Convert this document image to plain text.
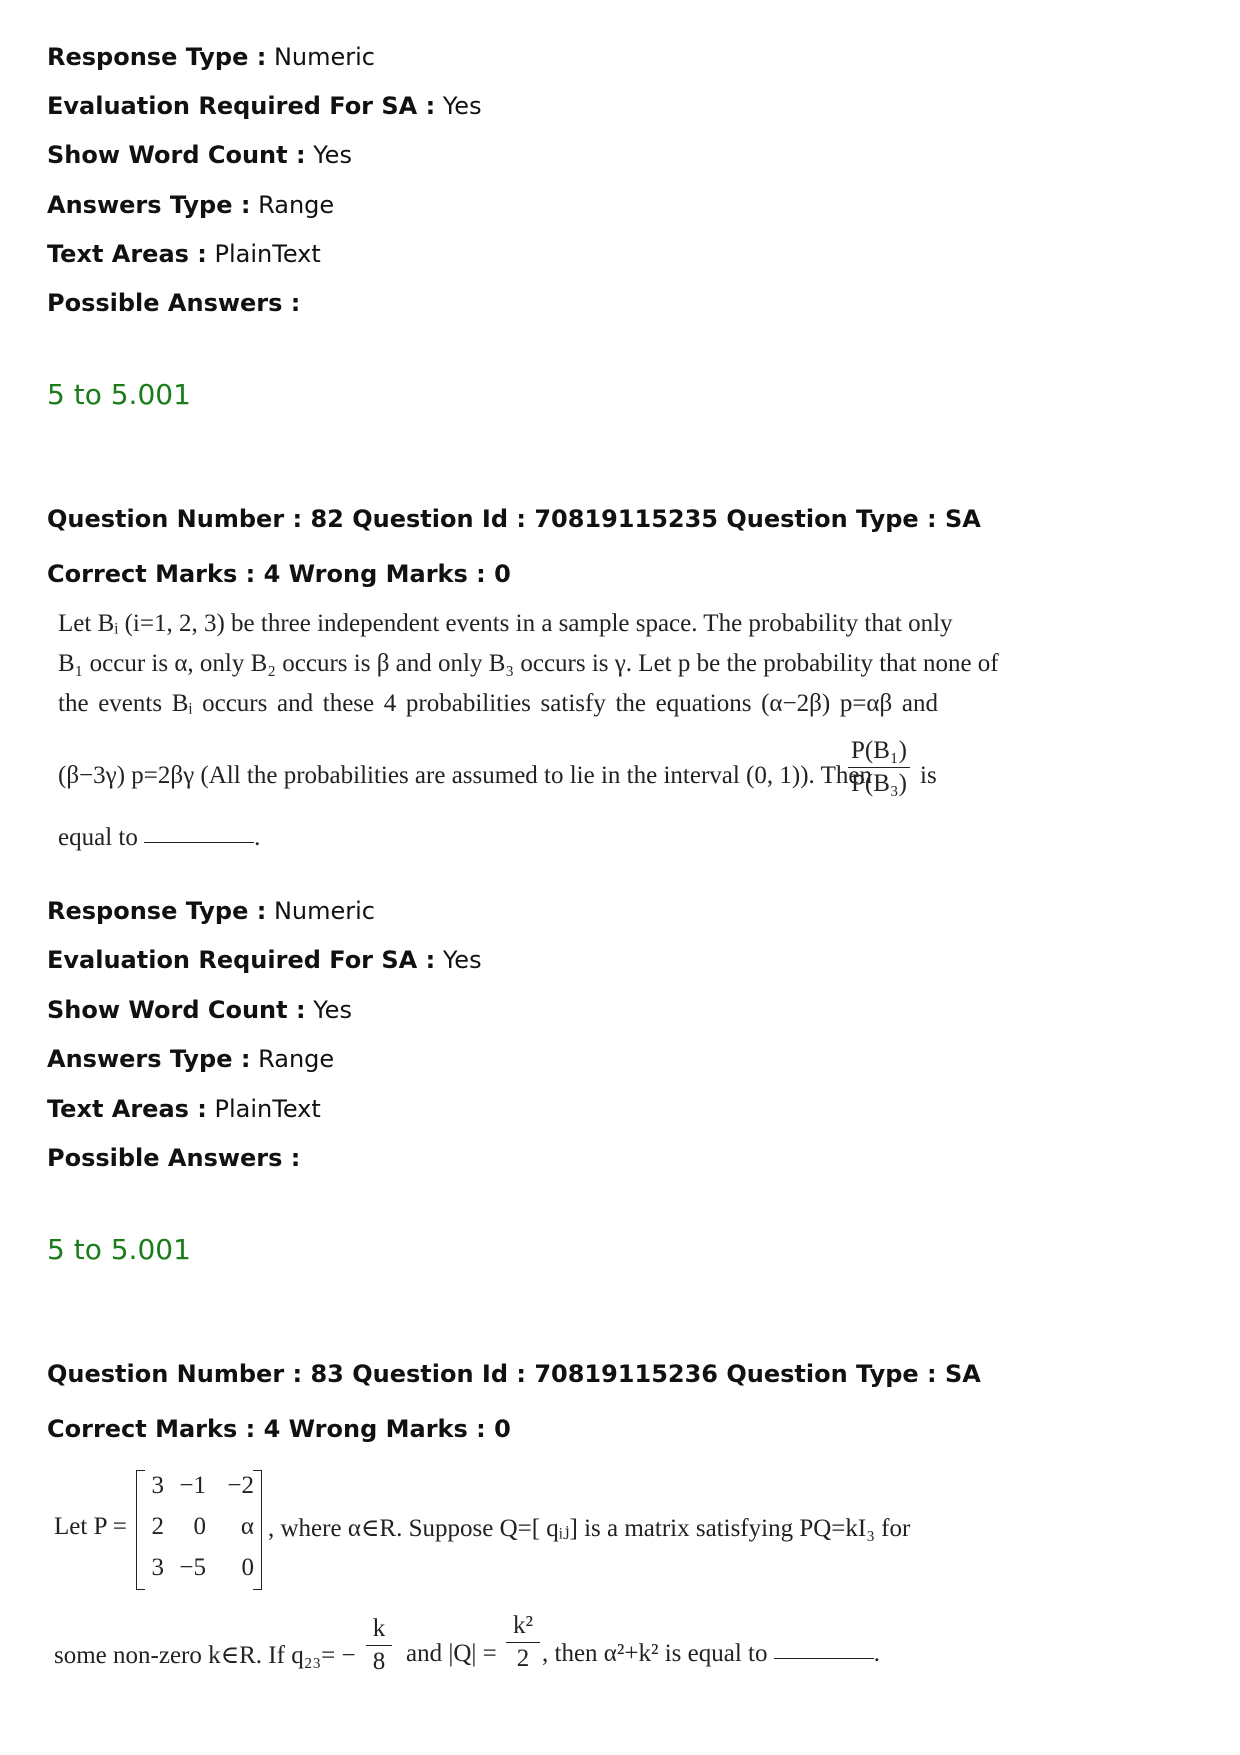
Response Type : Numeric
Evaluation Required For SA : Yes
Show Word Count : Yes
Answers Type : Range
Text Areas : PlainText
Possible Answers :
5 to 5.001
Question Number : 82 Question Id : 70819115235 Question Type : SA
Correct Marks : 4 Wrong Marks : 0
Let Bᵢ (i=1, 2, 3) be three independent events in a sample space. The probability that only
B₁ occur is α, only B₂ occurs is β and only B₃ occurs is γ. Let p be the probability that none of
the events Bᵢ occurs and these 4 probabilities satisfy the equations (α−2β) p=αβ and
(β−3γ) p=2βγ (All the probabilities are assumed to lie in the interval (0, 1)). Then
P(B₁)
P(B₃) is
equal to	.
Response Type : Numeric
Evaluation Required For SA : Yes
Show Word Count : Yes
Answers Type : Range
Text Areas : PlainText
Possible Answers :
5 to 5.001
Question Number : 83 Question Id : 70819115236 Question Type : SA
Correct Marks : 4 Wrong Marks : 0
Let P =
3 −1 −2
2	0	α
3 −5	0
, where α∈R. Suppose Q=[ qᵢⱼ] is a matrix satisfying PQ=kI₃ for
some non-zero k∈R. If q₂₃= −
k
8 and |Q| =
k²
2 , then α²+k² is equal to	.
